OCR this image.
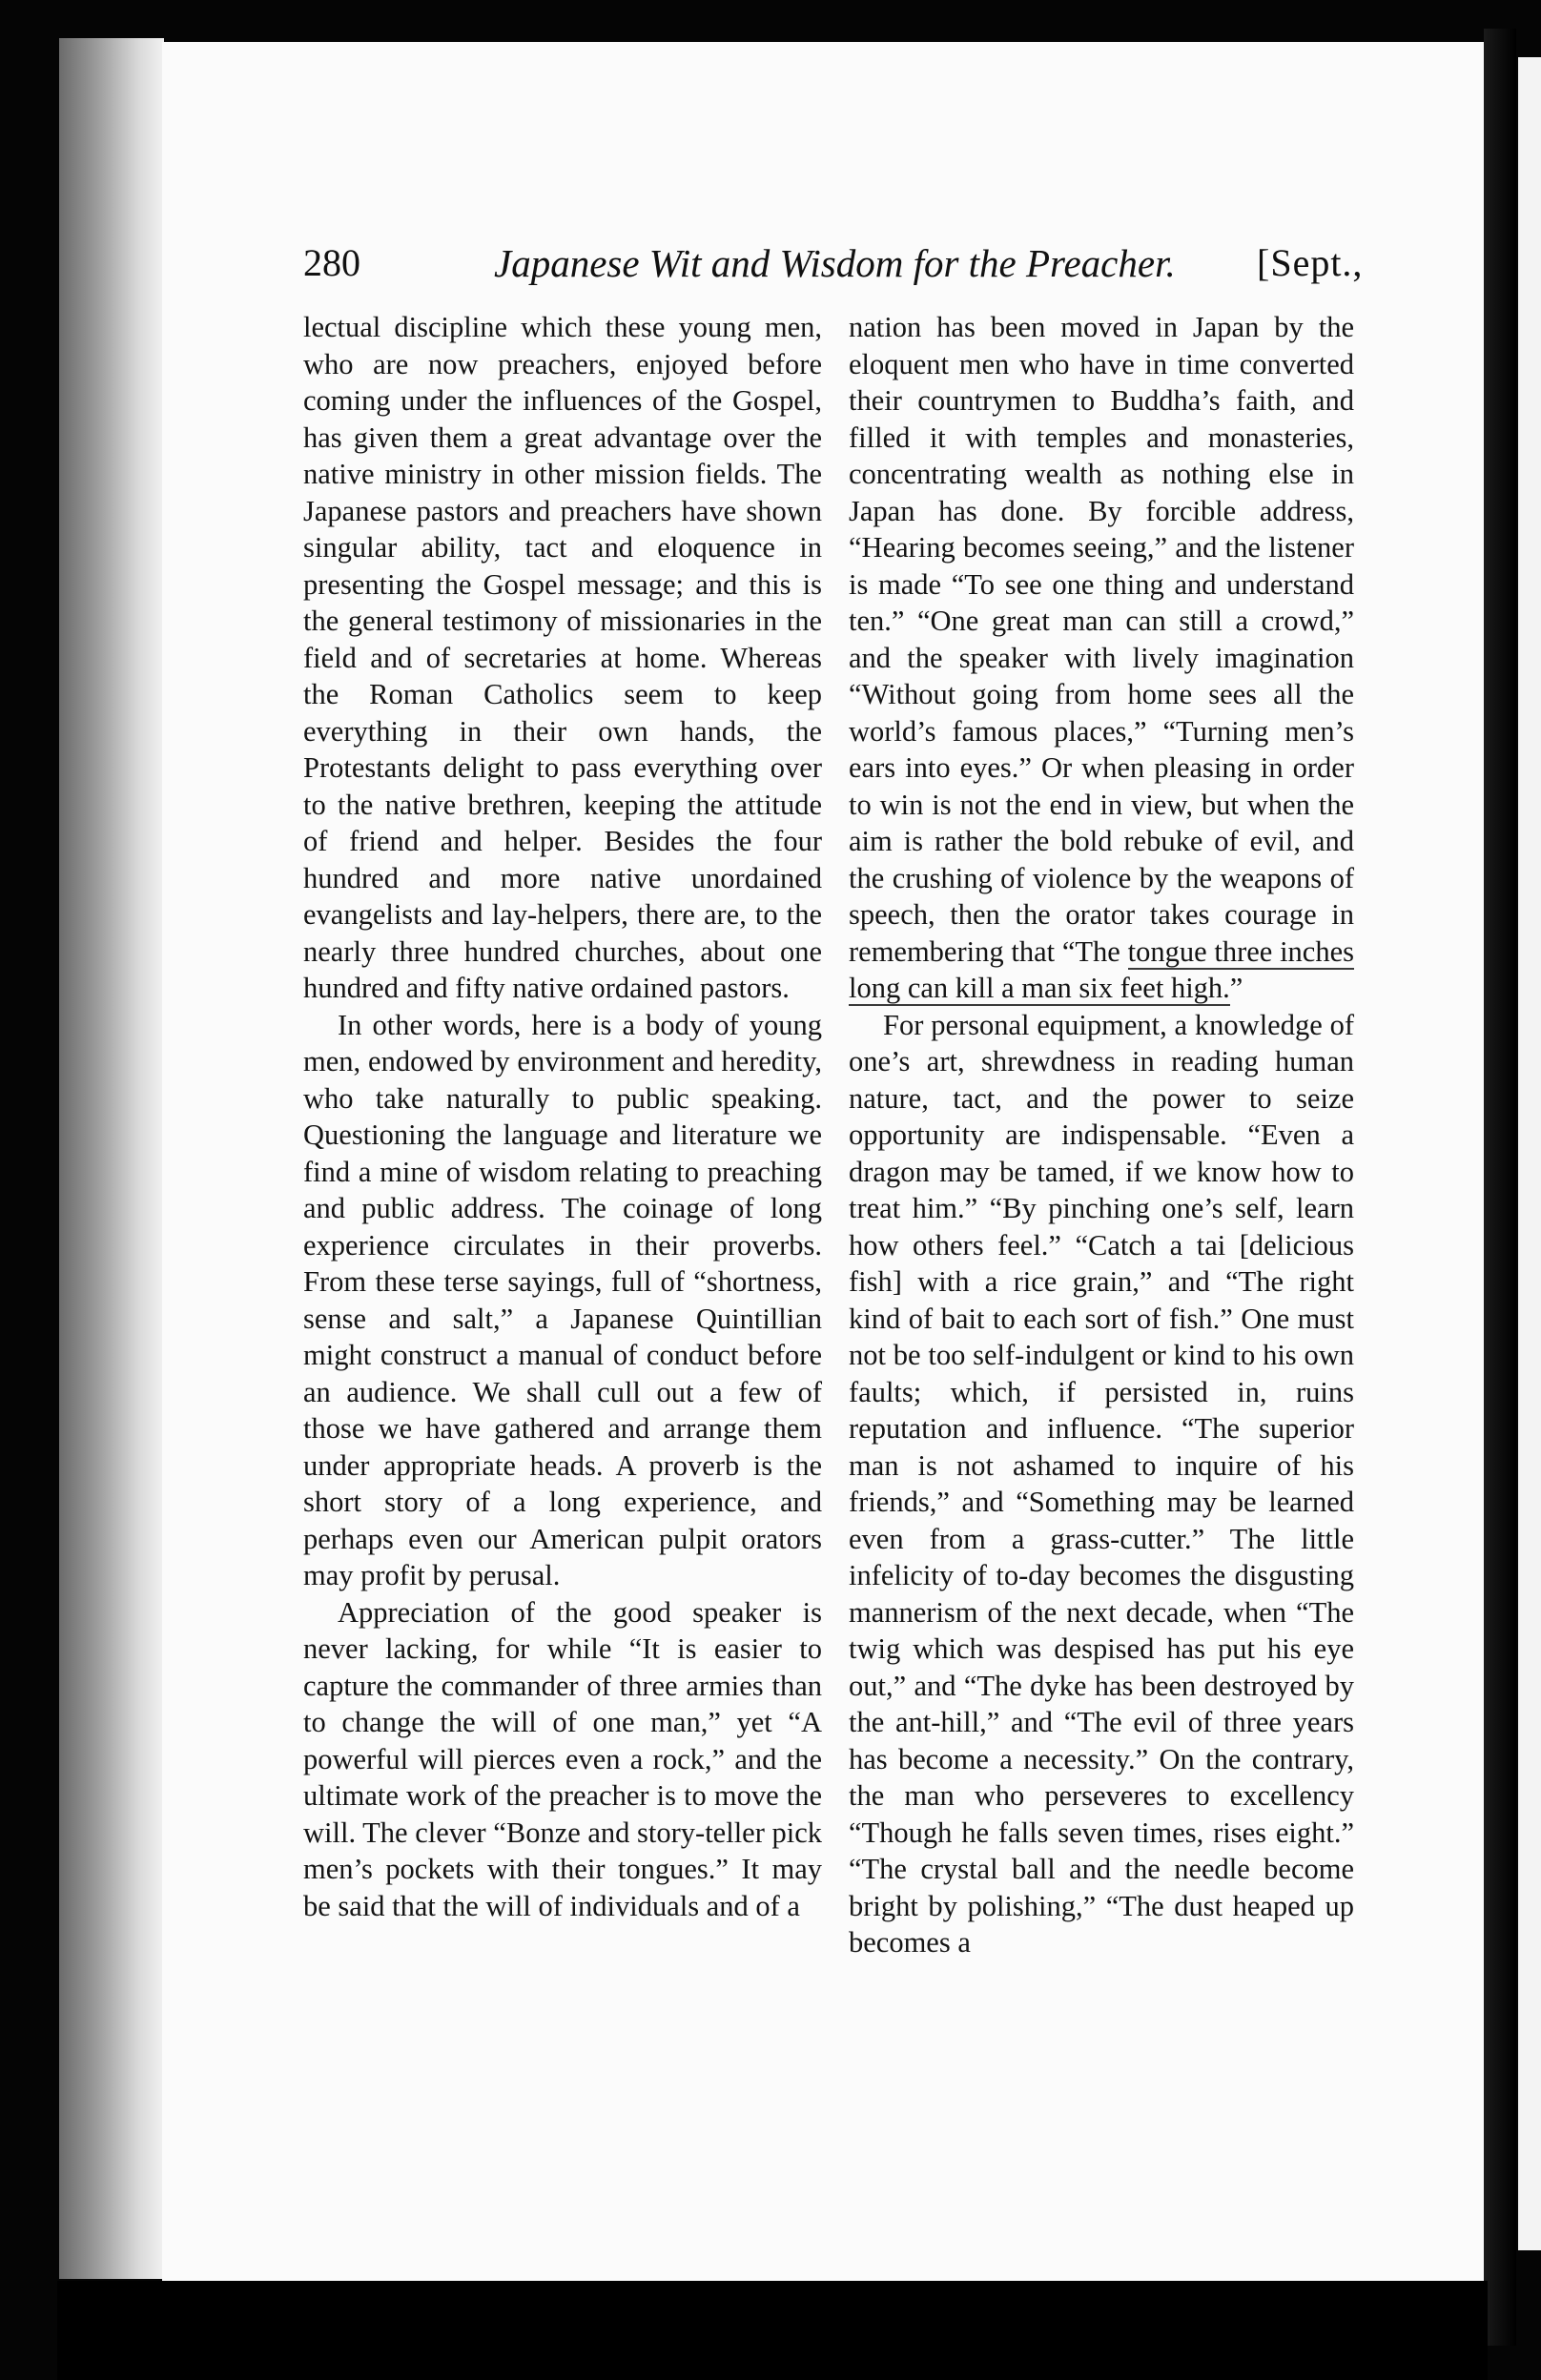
280	Japanese Wit and Wisdom for the Preacher. [Sept.,

lectual discipline which these young men, who are now preachers, enjoyed before coming under the influences of the Gospel, has given them a great advantage over the native ministry in other mission fields. The Japanese pastors and preachers have shown singular ability, tact and eloquence in presenting the Gospel message; and this is the general testimony of missionaries in the field and of secretaries at home. Whereas the Roman Catholics seem to keep everything in their own hands, the Protestants delight to pass everything over to the native brethren, keeping the attitude of friend and helper. Besides the four hundred and more native unordained evangelists and lay-helpers, there are, to the nearly three hundred churches, about one hundred and fifty native ordained pastors.

In other words, here is a body of young men, endowed by environment and heredity, who take naturally to public speaking. Questioning the language and literature we find a mine of wisdom relating to preaching and public address. The coinage of long experience circulates in their proverbs. From these terse sayings, full of “shortness, sense and salt,” a Japanese Quintillian might construct a manual of conduct before an audience. We shall cull out a few of those we have gathered and arrange them under appropriate heads. A proverb is the short story of a long experience, and perhaps even our American pulpit orators may profit by perusal.

Appreciation of the good speaker is never lacking, for while “It is easier to capture the commander of three armies than to change the will of one man,” yet “A powerful will pierces even a rock,” and the ultimate work of the preacher is to move the will. The clever “Bonze and story-teller pick men’s pockets with their tongues.” It may be said that the will of individuals and of a

nation has been moved in Japan by the eloquent men who have in time converted their countrymen to Buddha’s faith, and filled it with temples and monasteries, concentrating wealth as nothing else in Japan has done. By forcible address, “Hearing becomes seeing,” and the listener is made “To see one thing and understand ten.” “One great man can still a crowd,” and the speaker with lively imagination “Without going from home sees all the world’s famous places,” “Turning men’s ears into eyes.” Or when pleasing in order to win is not the end in view, but when the aim is rather the bold rebuke of evil, and the crushing of violence by the weapons of speech, then the orator takes courage in remembering that “The tongue three inches long can kill a man six feet high.”

For personal equipment, a knowledge of one’s art, shrewdness in reading human nature, tact, and the power to seize opportunity are indispensable. “Even a dragon may be tamed, if we know how to treat him.” “By pinching one’s self, learn how others feel.” “Catch a tai [delicious fish] with a rice grain,” and “The right kind of bait to each sort of fish.” One must not be too self-indulgent or kind to his own faults; which, if persisted in, ruins reputation and influence. “The superior man is not ashamed to inquire of his friends,” and “Something may be learned even from a grass-cutter.” The little infelicity of to-day becomes the disgusting mannerism of the next decade, when “The twig which was despised has put his eye out,” and “The dyke has been destroyed by the ant-hill,” and “The evil of three years has become a necessity.” On the contrary, the man who perseveres to excellency “Though he falls seven times, rises eight.” “The crystal ball and the needle become bright by polishing,” “The dust heaped up becomes a
